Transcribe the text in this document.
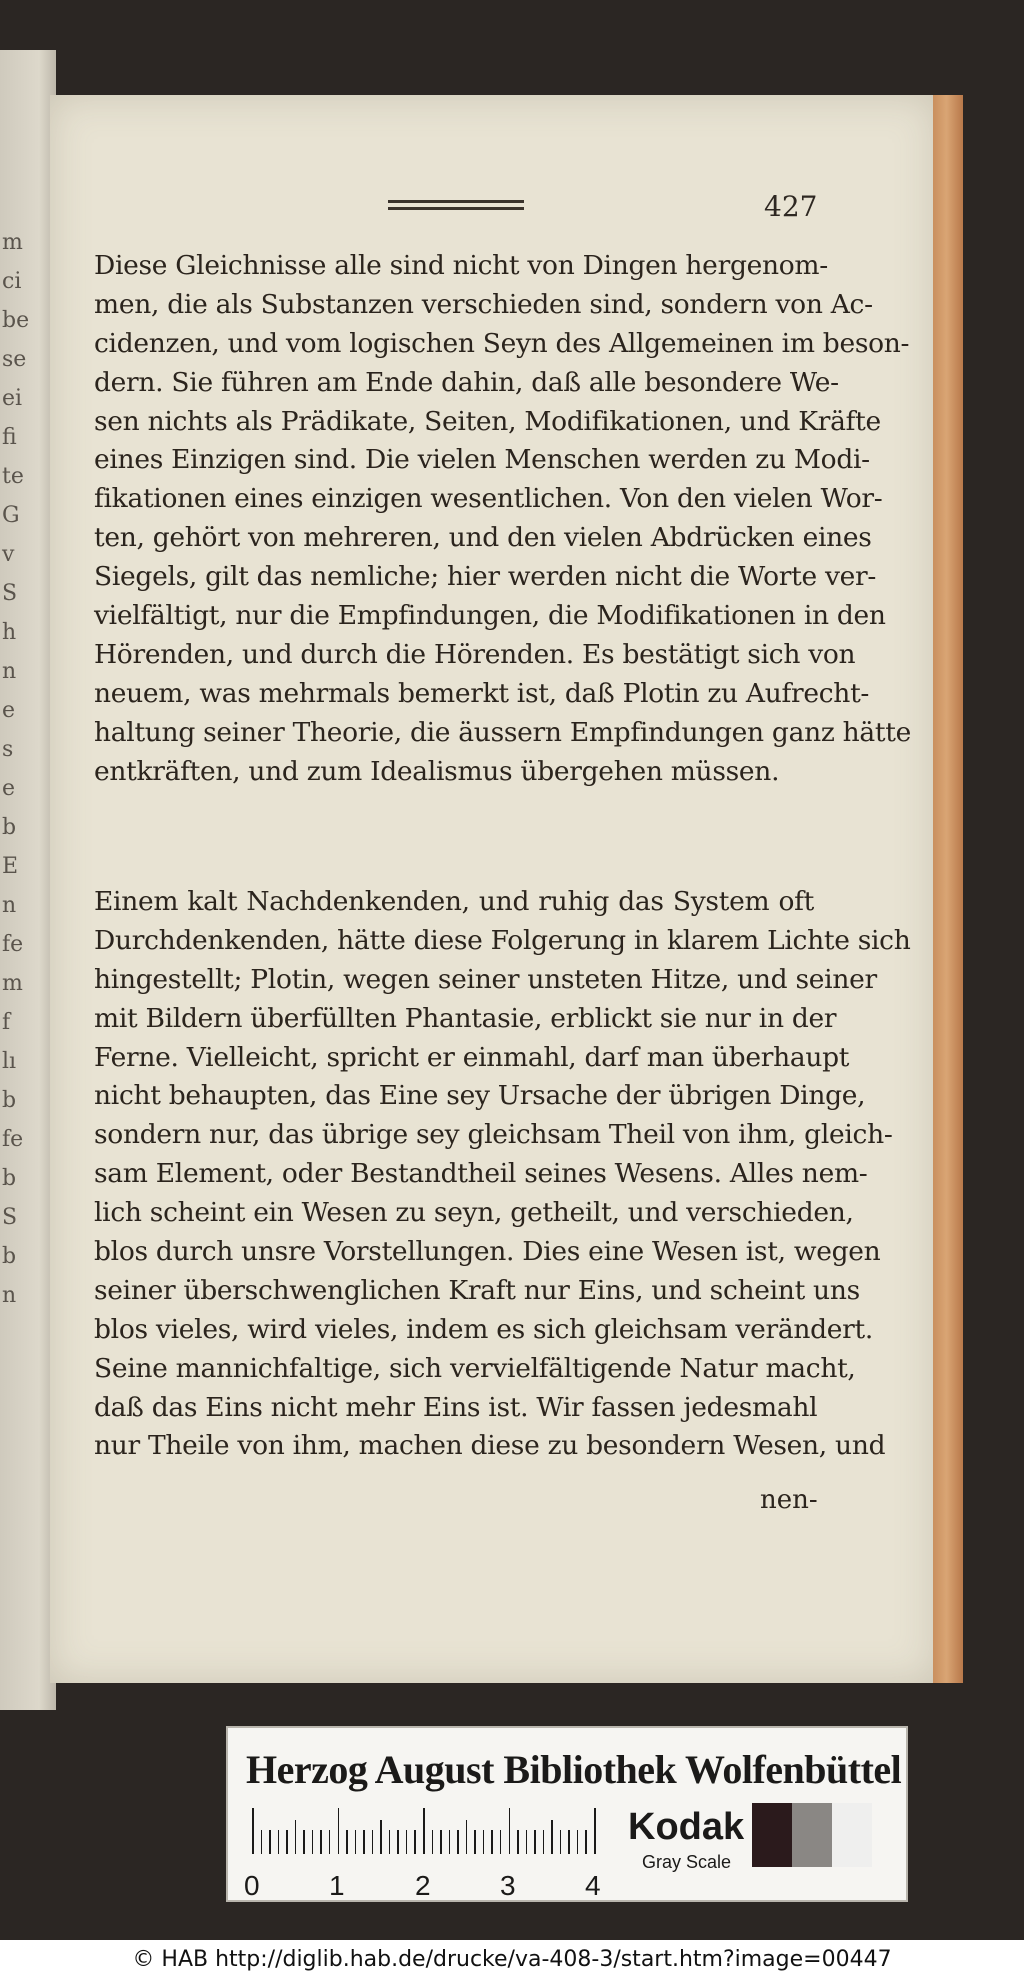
m
ci
be
se
ei
fi
te
G
v
S
h
n
e
s
e
b
E
n
fe
m
f
lı
b
fe
b
S
b
n
427
Diese Gleichnisse alle sind nicht von Dingen hergenom-
men, die als Substanzen verschieden sind, sondern von Ac-
cidenzen, und vom logischen Seyn des Allgemeinen im beson-
dern. Sie führen am Ende dahin, daß alle besondere We-
sen nichts als Prädikate, Seiten, Modifikationen, und Kräfte
eines Einzigen sind. Die vielen Menschen werden zu Modi-
fikationen eines einzigen wesentlichen. Von den vielen Wor-
ten, gehört von mehreren, und den vielen Abdrücken eines
Siegels, gilt das nemliche; hier werden nicht die Worte ver-
vielfältigt, nur die Empfindungen, die Modifikationen in den
Hörenden, und durch die Hörenden. Es bestätigt sich von
neuem, was mehrmals bemerkt ist, daß Plotin zu Aufrecht-
haltung seiner Theorie, die äussern Empfindungen ganz hätte
entkräften, und zum Idealismus übergehen müssen.
Einem kalt Nachdenkenden, und ruhig das System oft
Durchdenkenden, hätte diese Folgerung in klarem Lichte sich
hingestellt; Plotin, wegen seiner unsteten Hitze, und seiner
mit Bildern überfüllten Phantasie, erblickt sie nur in der
Ferne. Vielleicht, spricht er einmahl, darf man überhaupt
nicht behaupten, das Eine sey Ursache der übrigen Dinge,
sondern nur, das übrige sey gleichsam Theil von ihm, gleich-
sam Element, oder Bestandtheil seines Wesens. Alles nem-
lich scheint ein Wesen zu seyn, getheilt, und verschieden,
blos durch unsre Vorstellungen. Dies eine Wesen ist, wegen
seiner überschwenglichen Kraft nur Eins, und scheint uns
blos vieles, wird vieles, indem es sich gleichsam verändert.
Seine mannichfaltige, sich vervielfältigende Natur macht,
daß das Eins nicht mehr Eins ist. Wir fassen jedesmahl
nur Theile von ihm, machen diese zu besondern Wesen, und
nen-
Herzog August Bibliothek Wolfenbüttel
0 1	2 3 4
Kodak
Gray Scale
© HAB http://diglib.hab.de/drucke/va-408-3/start.htm?image=00447
